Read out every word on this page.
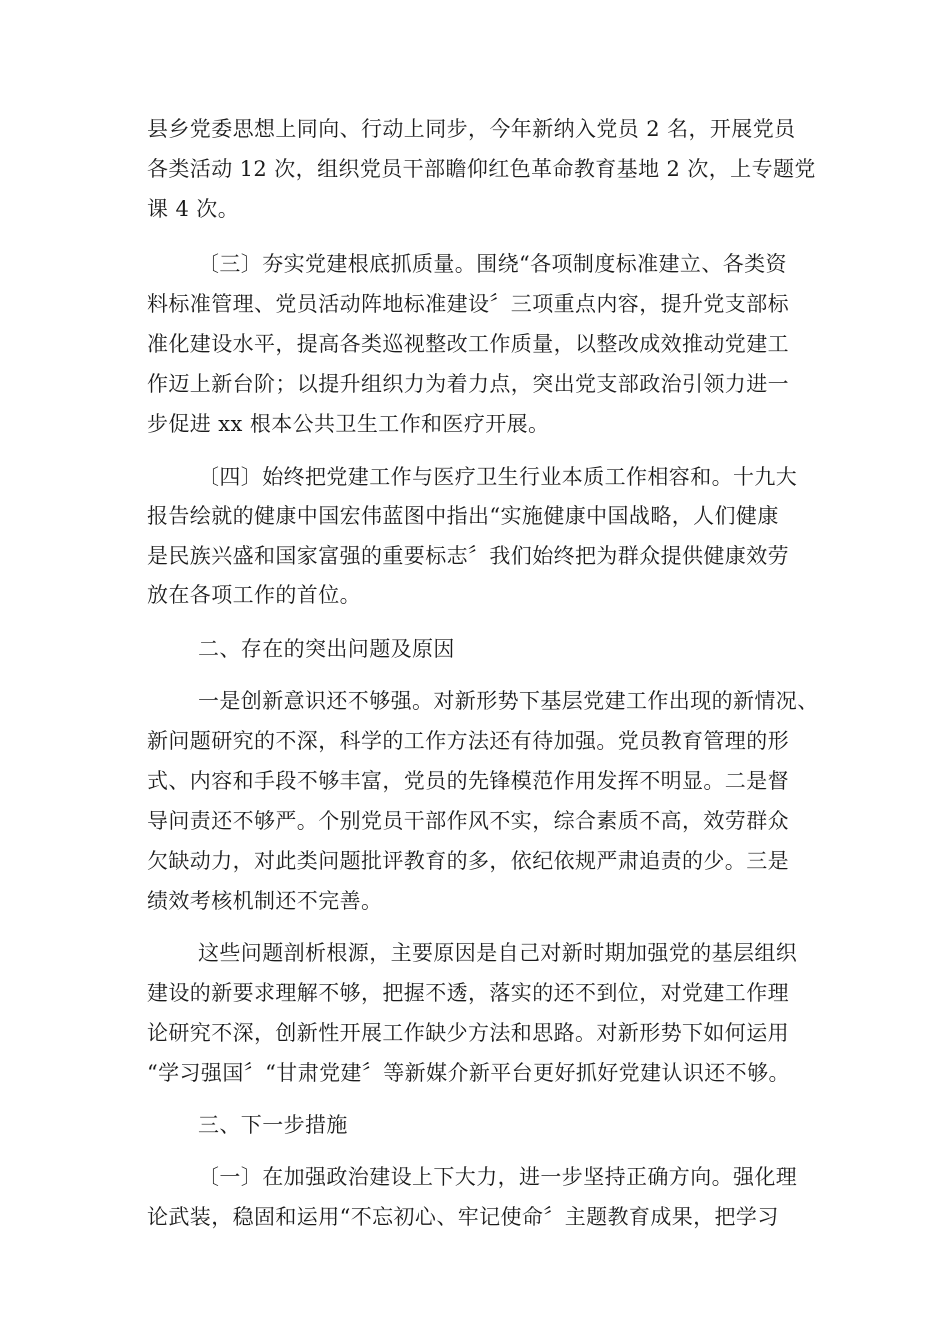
县乡党委思想上同向、行动上同步，今年新纳入党员 2 名，开展党员
各类活动 12 次，组织党员干部瞻仰红色革命教育基地 2 次，上专题党
课 4 次。
〔三〕夯实党建根底抓质量。围绕“各项制度标准建立、各类资
料标准管理、党员活动阵地标准建设〞三项重点内容，提升党支部标
准化建设水平，提高各类巡视整改工作质量，以整改成效推动党建工
作迈上新台阶；以提升组织力为着力点，突出党支部政治引领力进一
步促进 xx 根本公共卫生工作和医疗开展。
〔四〕始终把党建工作与医疗卫生行业本质工作相容和。十九大
报告绘就的健康中国宏伟蓝图中指出“实施健康中国战略，人们健康
是民族兴盛和国家富强的重要标志〞我们始终把为群众提供健康效劳
放在各项工作的首位。
二、存在的突出问题及原因
一是创新意识还不够强。对新形势下基层党建工作出现的新情况、
新问题研究的不深，科学的工作方法还有待加强。党员教育管理的形
式、内容和手段不够丰富，党员的先锋模范作用发挥不明显。二是督
导问责还不够严。个别党员干部作风不实，综合素质不高，效劳群众
欠缺动力，对此类问题批评教育的多，依纪依规严肃追责的少。三是
绩效考核机制还不完善。
这些问题剖析根源，主要原因是自己对新时期加强党的基层组织
建设的新要求理解不够，把握不透，落实的还不到位，对党建工作理
论研究不深，创新性开展工作缺少方法和思路。对新形势下如何运用
“学习强国〞“甘肃党建〞等新媒介新平台更好抓好党建认识还不够。
三、下一步措施
〔一〕在加强政治建设上下大力，进一步坚持正确方向。强化理
论武装，稳固和运用“不忘初心、牢记使命〞主题教育成果，把学习
